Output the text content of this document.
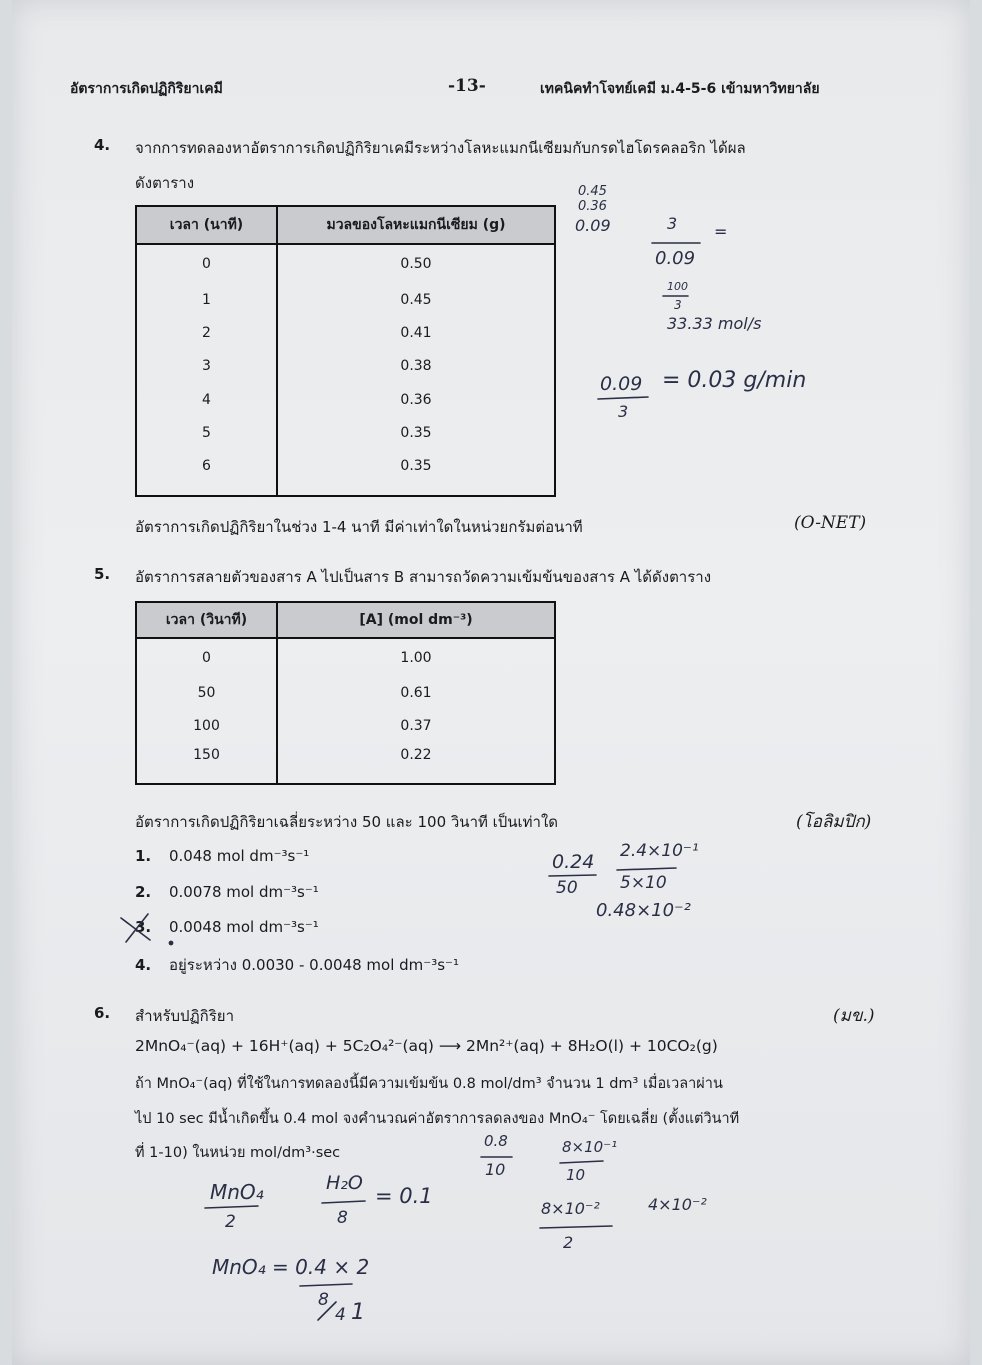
อัตราการเกิดปฏิกิริยาเคมี	-13-	เทคนิคทำโจทย์เคมี ม.4-5-6 เข้ามหาวิทยาลัย
4. จากการทดลองหาอัตราการเกิดปฏิกิริยาเคมีระหว่างโลหะแมกนีเซียมกับกรดไฮโดรคลอริก ได้ผล
ดังตาราง
เวลา (นาที)	มวลของโลหะแมกนีเซียม (g)
0	0.50
1	0.45
2	0.41
3	0.38
4	0.36
5	0.35
6	0.35
อัตราการเกิดปฏิกิริยาในช่วง 1-4 นาที มีค่าเท่าใดในหน่วยกรัมต่อนาที	(O-NET)
5. อัตราการสลายตัวของสาร A ไปเป็นสาร B สามารถวัดความเข้มข้นของสาร A ได้ดังตาราง
เวลา (วินาที)	[A] (mol dm⁻³)
0	1.00
50	0.61
100	0.37
150	0.22
อัตราการเกิดปฏิกิริยาเฉลี่ยระหว่าง 50 และ 100 วินาที เป็นเท่าใด	(โอลิมปิก)
1. 0.048 mol dm⁻³s⁻¹
2. 0.0078 mol dm⁻³s⁻¹
3. 0.0048 mol dm⁻³s⁻¹
4. อยู่ระหว่าง 0.0030 - 0.0048 mol dm⁻³s⁻¹
6. สำหรับปฏิกิริยา	(มข.)
2MnO₄⁻(aq) + 16H⁺(aq) + 5C₂O₄²⁻(aq) ⟶ 2Mn²⁺(aq) + 8H₂O(l) + 10CO₂(g)
ถ้า MnO₄⁻(aq) ที่ใช้ในการทดลองนี้มีความเข้มข้น 0.8 mol/dm³ จำนวน 1 dm³ เมื่อเวลาผ่าน
ไป 10 sec มีน้ำเกิดขึ้น 0.4 mol จงคำนวณค่าอัตราการลดลงของ MnO₄⁻ โดยเฉลี่ย (ตั้งแต่วินาที
ที่ 1-10) ในหน่วย mol/dm³·sec
0.45
0.36
0.09	3 =
0.09
100
3
33.33 mol/s
0.09
3
= 0.03 g/min
0.24
50
2.4×10⁻¹
5×10
0.48×10⁻²
0.8
10
8×10⁻¹
10
8×10⁻²
2
4×10⁻²
MnO₄
2
H₂O
8
= 0.1
MnO₄ = 0.4 × 2
8
4 1
